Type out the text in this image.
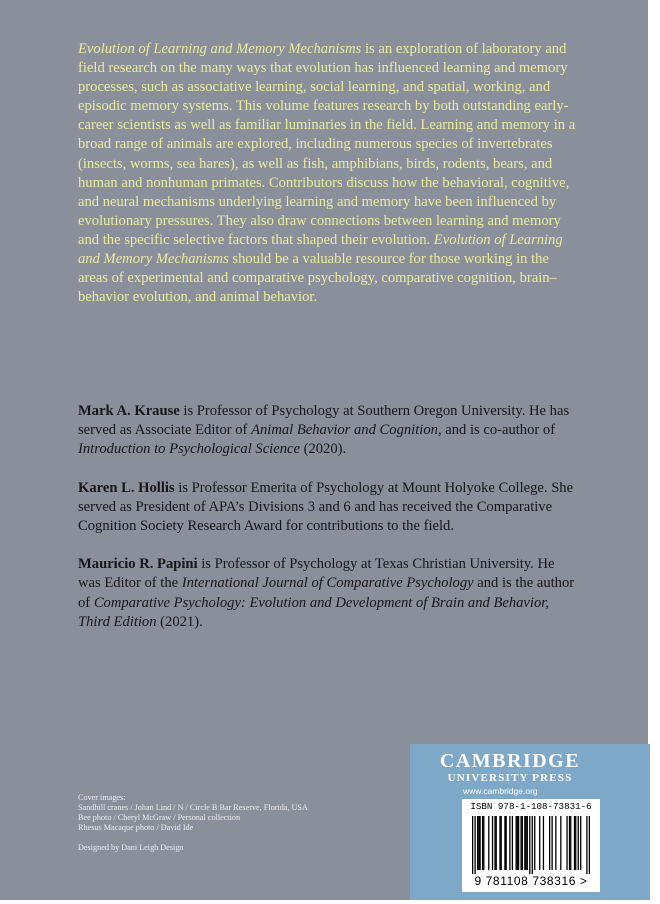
Evolution of Learning and Memory Mechanisms is an exploration of laboratory and field research on the many ways that evolution has influenced learning and memory processes, such as associative learning, social learning, and spatial, working, and episodic memory systems. This volume features research by both outstanding early-career scientists as well as familiar luminaries in the field. Learning and memory in a broad range of animals are explored, including numerous species of invertebrates (insects, worms, sea hares), as well as fish, amphibians, birds, rodents, bears, and human and nonhuman primates. Contributors discuss how the behavioral, cognitive, and neural mechanisms underlying learning and memory have been influenced by evolutionary pressures. They also draw connections between learning and memory and the specific selective factors that shaped their evolution. Evolution of Learning and Memory Mechanisms should be a valuable resource for those working in the areas of experimental and comparative psychology, comparative cognition, brain–behavior evolution, and animal behavior.

Mark A. Krause is Professor of Psychology at Southern Oregon University. He has served as Associate Editor of Animal Behavior and Cognition, and is co-author of Introduction to Psychological Science (2020).

Karen L. Hollis is Professor Emerita of Psychology at Mount Holyoke College. She served as President of APA’s Divisions 3 and 6 and has received the Comparative Cognition Society Research Award for contributions to the field.

Mauricio R. Papini is Professor of Psychology at Texas Christian University. He was Editor of the International Journal of Comparative Psychology and is the author of Comparative Psychology: Evolution and Development of Brain and Behavior, Third Edition (2021).

Cover images:
Sandhill cranes / Johan Lind / N / Circle B Bar Reserve, Florida, USA
Bee photo / Cheryl McGraw / Personal collection
Rhesus Macaque photo / David Ide
Designed by Dani Leigh Design
CAMBRIDGE
UNIVERSITY PRESS
www.cambridge.org
ISBN 978-1-108-73831-6
9 781108 738316 >
